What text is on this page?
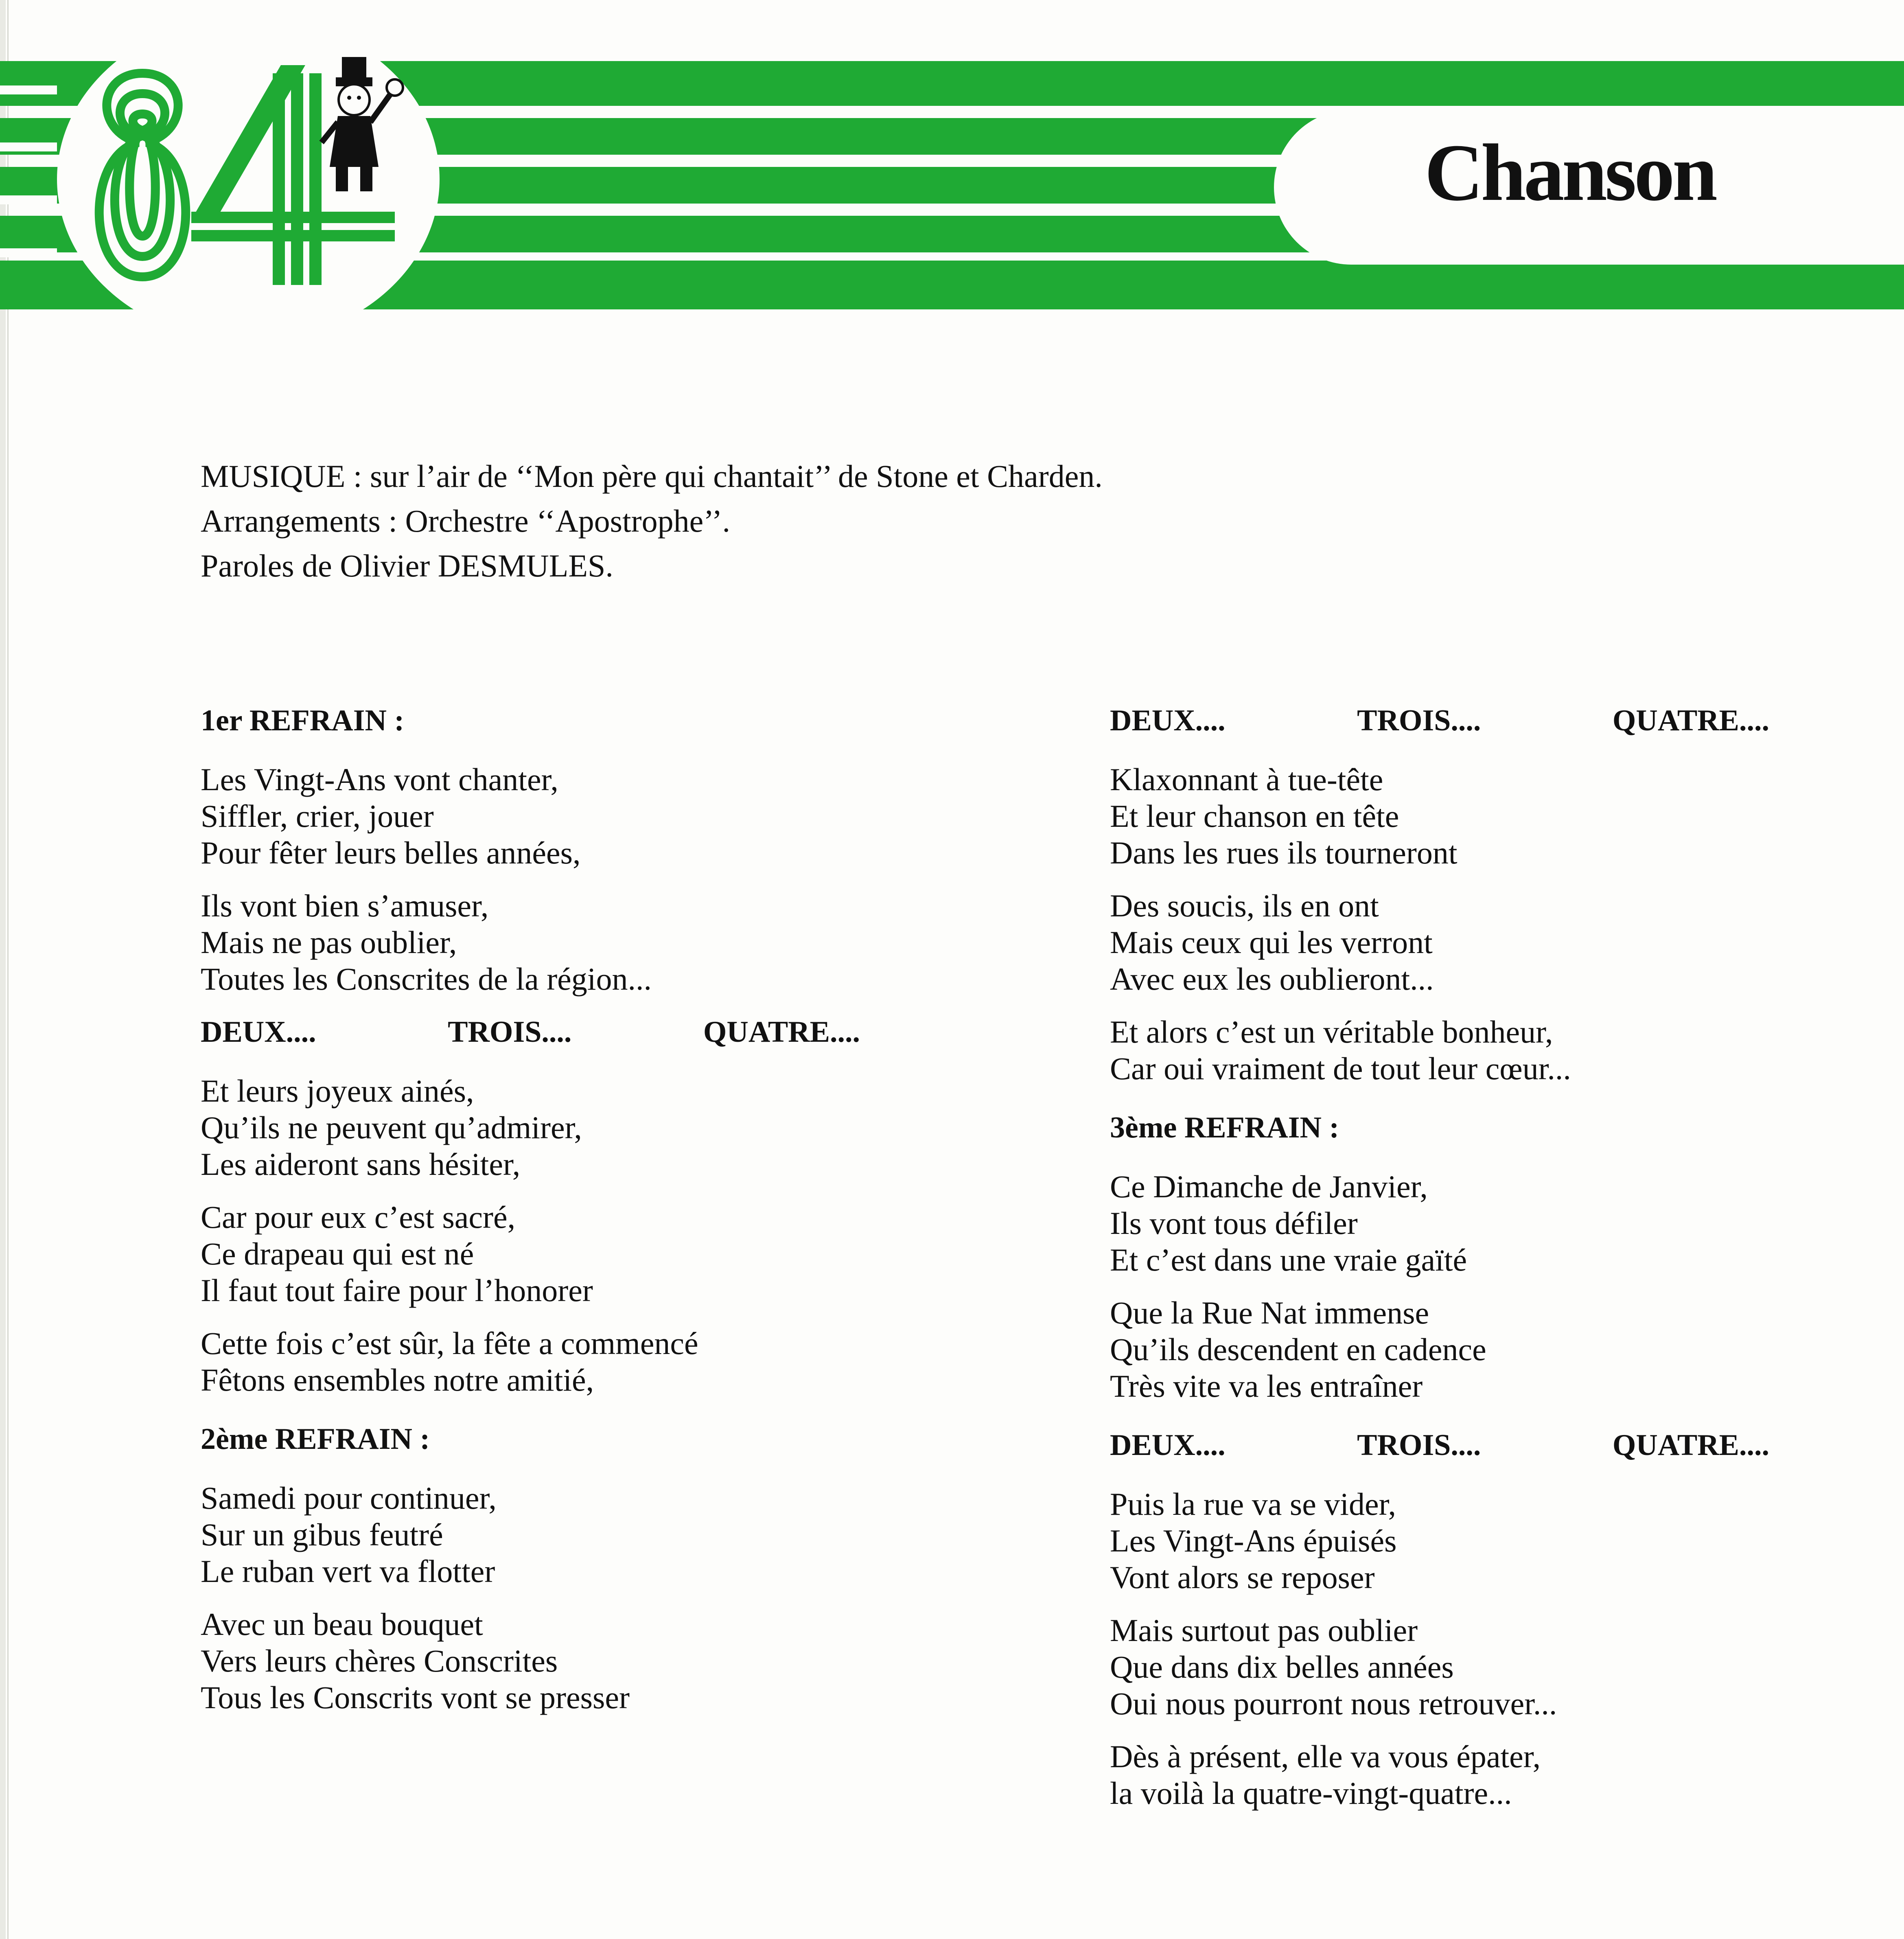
Chanson
MUSIQUE : sur l’air de ‘‘Mon père qui chantait’’ de Stone et Charden.
Arrangements : Orchestre ‘‘Apostrophe’’.
Paroles de Olivier DESMULES.
1er REFRAIN :
Les Vingt-Ans vont chanter,
Siffler, crier, jouer
Pour fêter leurs belles années,
Ils vont bien s’amuser,
Mais ne pas oublier,
Toutes les Conscrites de la région...
DEUX....	TROIS....	QUATRE....
Et leurs joyeux ainés,
Qu’ils ne peuvent qu’admirer,
Les aideront sans hésiter,
Car pour eux c’est sacré,
Ce drapeau qui est né
Il faut tout faire pour l’honorer
Cette fois c’est sûr, la fête a commencé
Fêtons ensembles notre amitié,
2ème REFRAIN :
Samedi pour continuer,
Sur un gibus feutré
Le ruban vert va flotter
Avec un beau bouquet
Vers leurs chères Conscrites
Tous les Conscrits vont se presser
DEUX....	TROIS....	QUATRE....
Klaxonnant à tue-tête
Et leur chanson en tête
Dans les rues ils tourneront
Des soucis, ils en ont
Mais ceux qui les verront
Avec eux les oublieront...
Et alors c’est un véritable bonheur,
Car oui vraiment de tout leur cœur...
3ème REFRAIN :
Ce Dimanche de Janvier,
Ils vont tous défiler
Et c’est dans une vraie gaïté
Que la Rue Nat immense
Qu’ils descendent en cadence
Très vite va les entraîner
DEUX....	TROIS....	QUATRE....
Puis la rue va se vider,
Les Vingt-Ans épuisés
Vont alors se reposer
Mais surtout pas oublier
Que dans dix belles années
Oui nous pourront nous retrouver...
Dès à présent, elle va vous épater,
la voilà la quatre-vingt-quatre...
